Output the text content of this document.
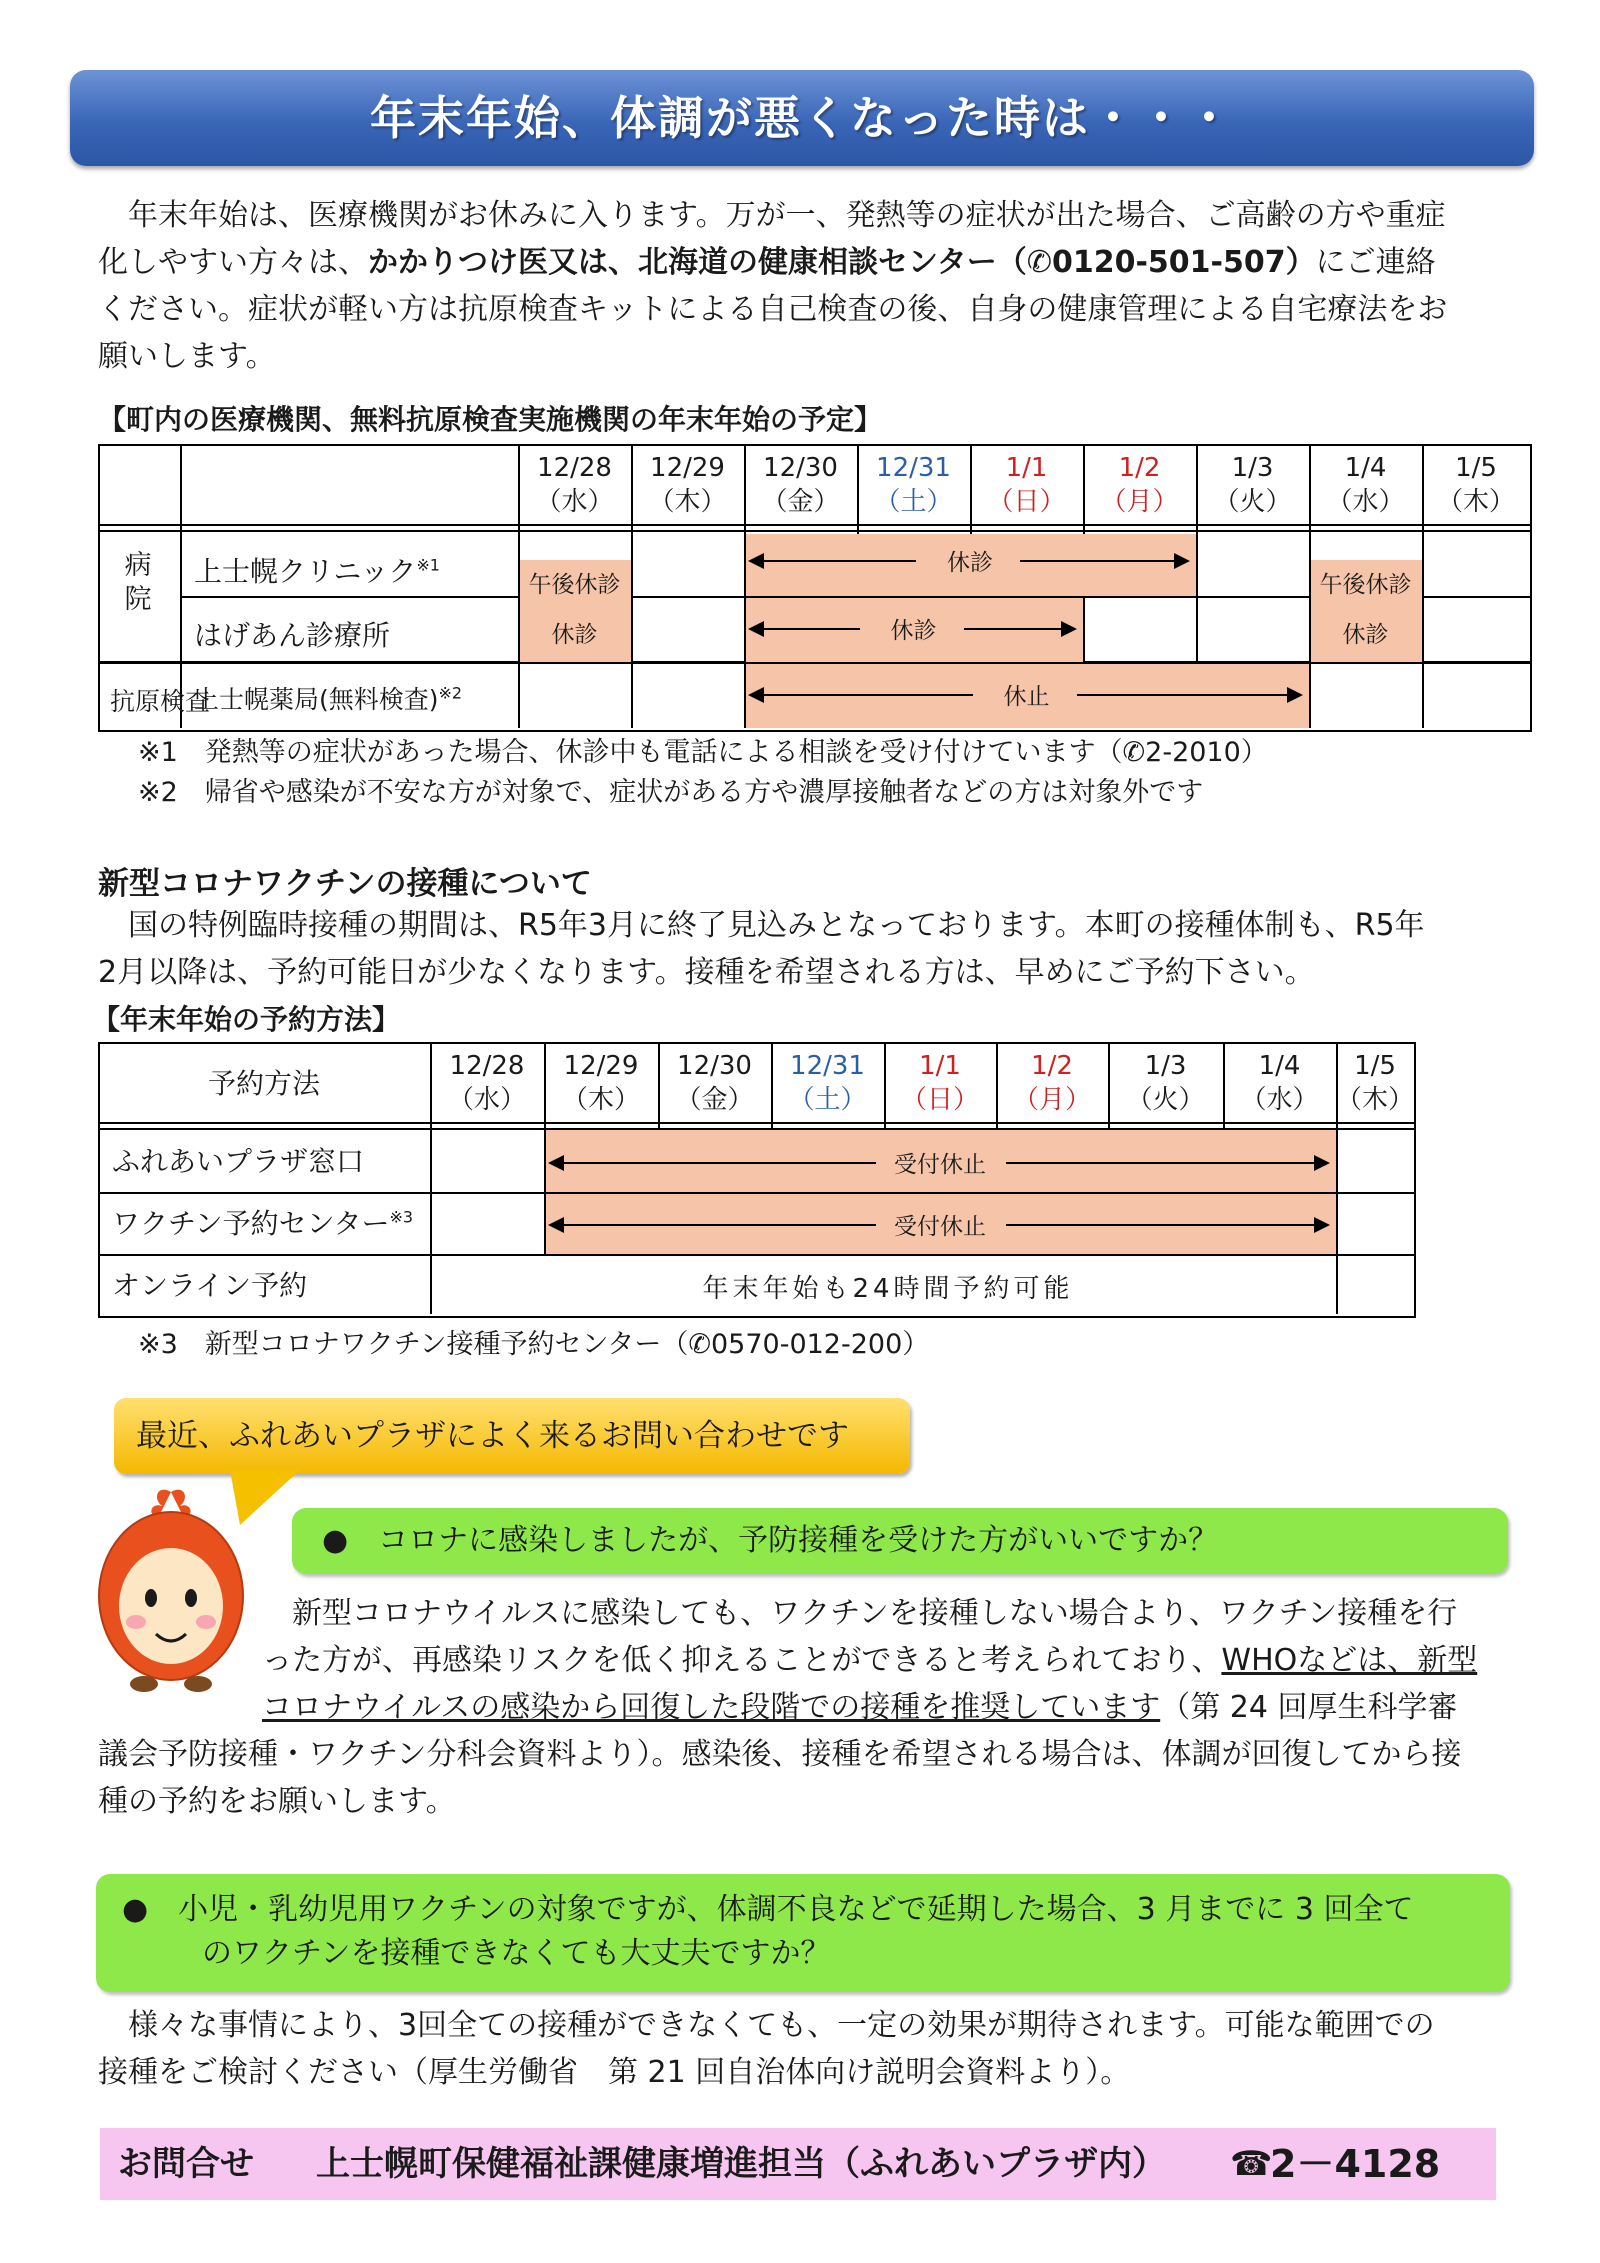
年末年始、体調が悪くなった時は・・・
　年末年始は、医療機関がお休みに入ります。万が一、発熱等の症状が出た場合、ご高齢の方や重症
化しやすい方々は、かかりつけ医又は、北海道の健康相談センター（✆0120-501-507）にご連絡
ください。症状が軽い方は抗原検査キットによる自己検査の後、自身の健康管理による自宅療法をお
願いします。
【町内の医療機関、無料抗原検査実施機関の年末年始の予定】
12/28
（水）
12/29
（木）
12/30
（金）
12/31
（土）
1/1
（日）
1/2
（月）
1/3
（火）
1/4
（水）
1/5
（木）
病院
抗原検査
上士幌クリニック$^{※1}$
はげあん診療所
上士幌薬局(無料検査)$^{※2}$
午後休診	午後休診
休診	休診
休診
休診
休止
※1　発熱等の症状があった場合、休診中も電話による相談を受け付けています（✆2-2010）
※2　帰省や感染が不安な方が対象で、症状がある方や濃厚接触者などの方は対象外です
新型コロナワクチンの接種について
　国の特例臨時接種の期間は、R5年3月に終了見込みとなっております。本町の接種体制も、R5年
2月以降は、予約可能日が少なくなります。接種を希望される方は、早めにご予約下さい。
【年末年始の予約方法】
予約方法
12/28
（水）
12/29
（木）
12/30
（金）
12/31
（土）
1/1
（日）
1/2
（月）
1/3
（火）
1/4
（水）
1/5
（木）
ふれあいプラザ窓口
ワクチン予約センター$^{※3}$
オンライン予約
受付休止
受付休止
年末年始も24時間予約可能
※3　新型コロナワクチン接種予約センター（✆0570-012-200）
最近、ふれあいプラザによく来るお問い合わせです
●　コロナに感染しましたが、予防接種を受けた方がいいですか？
　新型コロナウイルスに感染しても、ワクチンを接種しない場合より、ワクチン接種を行
った方が、再感染リスクを低く抑えることができると考えられており、WHOなどは、新型
コロナウイルスの感染から回復した段階での接種を推奨しています（第 24 回厚生科学審
議会予防接種・ワクチン分科会資料より）。感染後、接種を希望される場合は、体調が回復してから接
種の予約をお願いします。
●　小児・乳幼児用ワクチンの対象ですが、体調不良などで延期した場合、3 月までに 3 回全て
のワクチンを接種できなくても大丈夫ですか？
　様々な事情により、3回全ての接種ができなくても、一定の効果が期待されます。可能な範囲での
接種をご検討ください（厚生労働省　第 21 回自治体向け説明会資料より）。
お問合せ 上士幌町保健福祉課健康増進担当（ふれあいプラザ内） ☎
2－4128
